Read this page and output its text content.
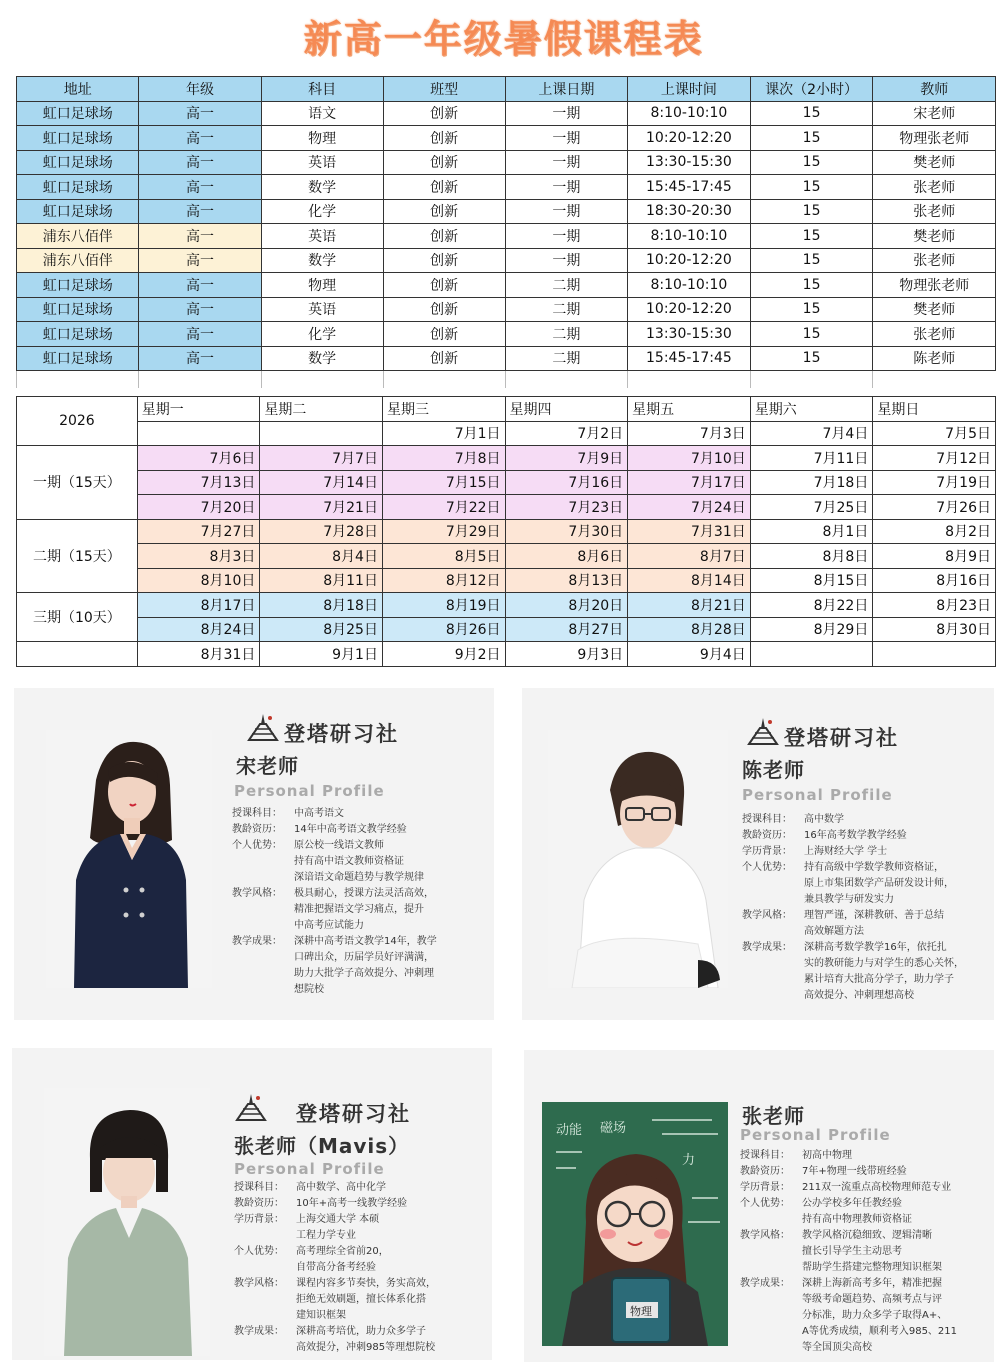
新高一年级暑假课程表
地址	年级	科目	班型	上课日期	上课时间	课次（2小时）	教师
虹口足球场	高一	语文	创新	一期	8:10-10:10	15	宋老师
虹口足球场	高一	物理	创新	一期	10:20-12:20	15	物理张老师
虹口足球场	高一	英语	创新	一期	13:30-15:30	15	樊老师
虹口足球场	高一	数学	创新	一期	15:45-17:45	15	张老师
虹口足球场	高一	化学	创新	一期	18:30-20:30	15	张老师
浦东八佰伴	高一	英语	创新	一期	8:10-10:10	15	樊老师
浦东八佰伴	高一	数学	创新	一期	10:20-12:20	15	张老师
虹口足球场	高一	物理	创新	二期	8:10-10:10	15	物理张老师
虹口足球场	高一	英语	创新	二期	10:20-12:20	15	樊老师
虹口足球场	高一	化学	创新	二期	13:30-15:30	15	张老师
虹口足球场	高一	数学	创新	二期	15:45-17:45	15	陈老师

2026	星期一	星期二	星期三	星期四	星期五	星期六	星期日
			7月1日	7月2日	7月3日	7月4日	7月5日
一期（15天）	7月6日	7月7日	7月8日	7月9日	7月10日	7月11日	7月12日
	7月13日	7月14日	7月15日	7月16日	7月17日	7月18日	7月19日
	7月20日	7月21日	7月22日	7月23日	7月24日	7月25日	7月26日
二期（15天）	7月27日	7月28日	7月29日	7月30日	7月31日	8月1日	8月2日
	8月3日	8月4日	8月5日	8月6日	8月7日	8月8日	8月9日
	8月10日	8月11日	8月12日	8月13日	8月14日	8月15日	8月16日
三期（10天）	8月17日	8月18日	8月19日	8月20日	8月21日	8月22日	8月23日
	8月24日	8月25日	8月26日	8月27日	8月28日	8月29日	8月30日
	8月31日	9月1日	9月2日	9月3日	9月4日		
登塔研习社
宋老师
Personal Profile
授课科目：	中高考语文
教龄资历：	14年中高考语文教学经验
个人优势：	原公校一线语文教师
持有高中语文教师资格证
深谙语文命题趋势与教学规律
教学风格：	极具耐心，授课方法灵活高效，
精准把握语文学习痛点，提升
中高考应试能力
教学成果：	深耕中高考语文教学14年，教学
口碑出众，历届学员好评满满，
助力大批学子高效提分、冲刺理
想院校
登塔研习社
陈老师
Personal Profile
授课科目：	高中数学
教龄资历：	16年高考数学教学经验
学历背景：	上海财经大学 学士
个人优势：	持有高级中学数学教师资格证，
原上市集团数学产品研发设计师，
兼具教学与研发实力
教学风格：	理智严谨，深耕教研、善于总结
高效解题方法
教学成果：	深耕高考数学教学16年，依托扎
实的教研能力与对学生的悉心关怀，
累计培育大批高分学子，助力学子
高效提分、冲刺理想高校
登塔研习社
张老师（Mavis）
Personal Profile
授课科目：	高中数学、高中化学
教龄资历：	10年+高考一线教学经验
学历背景：	上海交通大学 本硕
工程力学专业
个人优势：	高考理综全省前20，
自带高分备考经验
教学风格：	课程内容多节奏快，务实高效，
拒绝无效刷题，擅长体系化搭
建知识框架
教学成果：	深耕高考培优，助力众多学子
高效提分，冲刺985等理想院校
动能 磁场
力
物理
张老师
Personal Profile
授课科目：	初高中物理
教龄资历：	7年+物理一线带班经验
学历背景：	211双一流重点高校物理师范专业
个人优势：	公办学校多年任教经验
持有高中物理教师资格证
教学风格：	教学风格沉稳细致、逻辑清晰
擅长引导学生主动思考
帮助学生搭建完整物理知识框架
教学成果：	深耕上海新高考多年，精准把握
等级考命题趋势、高频考点与评
分标准，助力众多学子取得A+、
A等优秀成绩，顺利考入985、211
等全国顶尖高校
